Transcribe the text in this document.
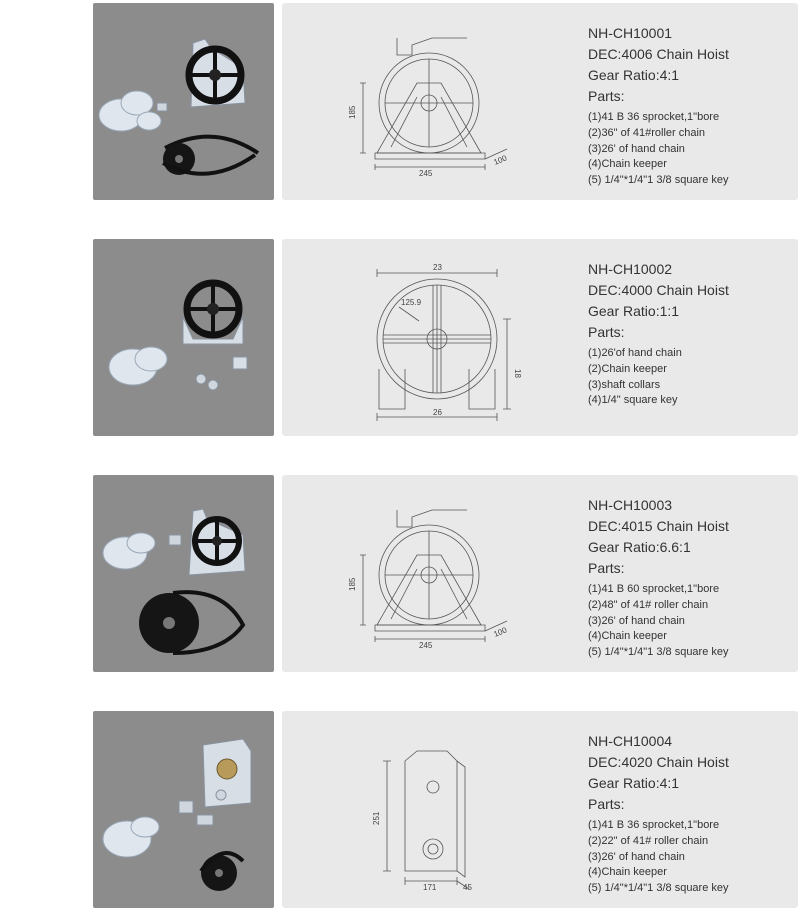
185
245
100
NH-CH10001
DEC:4006 Chain Hoist
Gear Ratio:4:1
Parts:
(1)41 B 36 sprocket,1"bore
(2)36" of 41#roller chain
(3)26' of hand chain
(4)Chain keeper
(5) 1/4"*1/4"1 3/8 square key
23
125.9
18
26
NH-CH10002
DEC:4000 Chain Hoist
Gear Ratio:1:1
Parts:
(1)26'of hand chain
(2)Chain keeper
(3)shaft collars
(4)1/4" square key
185
245
100
NH-CH10003
DEC:4015 Chain Hoist
Gear Ratio:6.6:1
Parts:
(1)41 B 60 sprocket,1"bore
(2)48" of 41# roller chain
(3)26' of hand chain
(4)Chain keeper
(5) 1/4"*1/4"1 3/8 square key
251
171	45
NH-CH10004
DEC:4020 Chain Hoist
Gear Ratio:4:1
Parts:
(1)41 B 36 sprocket,1"bore
(2)22" of 41# roller chain
(3)26' of hand chain
(4)Chain keeper
(5) 1/4"*1/4"1 3/8 square key
